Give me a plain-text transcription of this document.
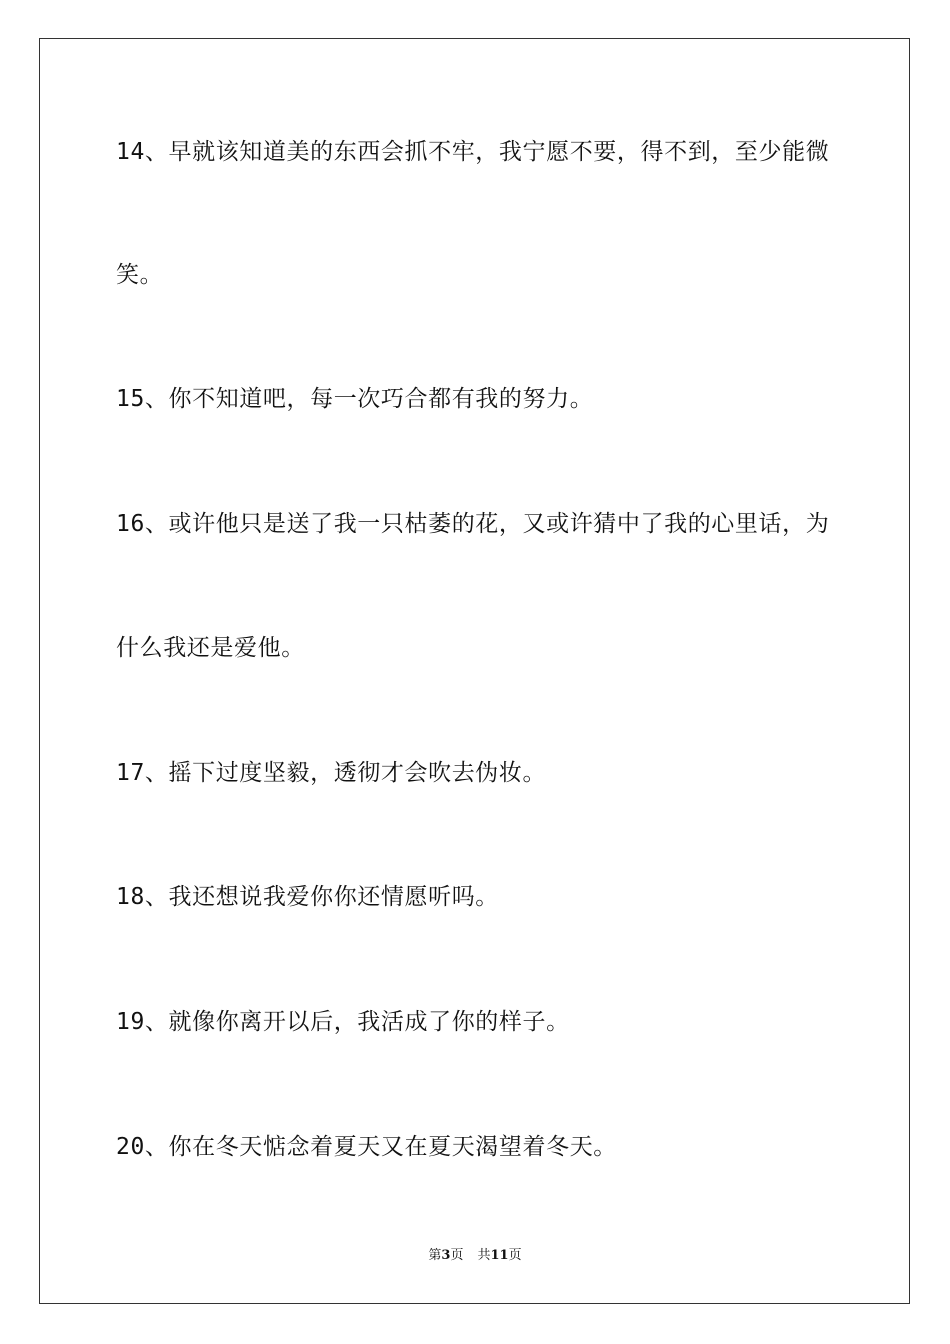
14、早就该知道美的东西会抓不牢，我宁愿不要，得不到，至少能微
笑。
15、你不知道吧，每一次巧合都有我的努力。
16、或许他只是送了我一只枯萎的花，又或许猜中了我的心里话，为
什么我还是爱他。
17、摇下过度坚毅，透彻才会吹去伪妆。
18、我还想说我爱你你还情愿听吗。
19、就像你离开以后，我活成了你的样子。
20、你在冬天惦念着夏天又在夏天渴望着冬天。
第3页 共11页
